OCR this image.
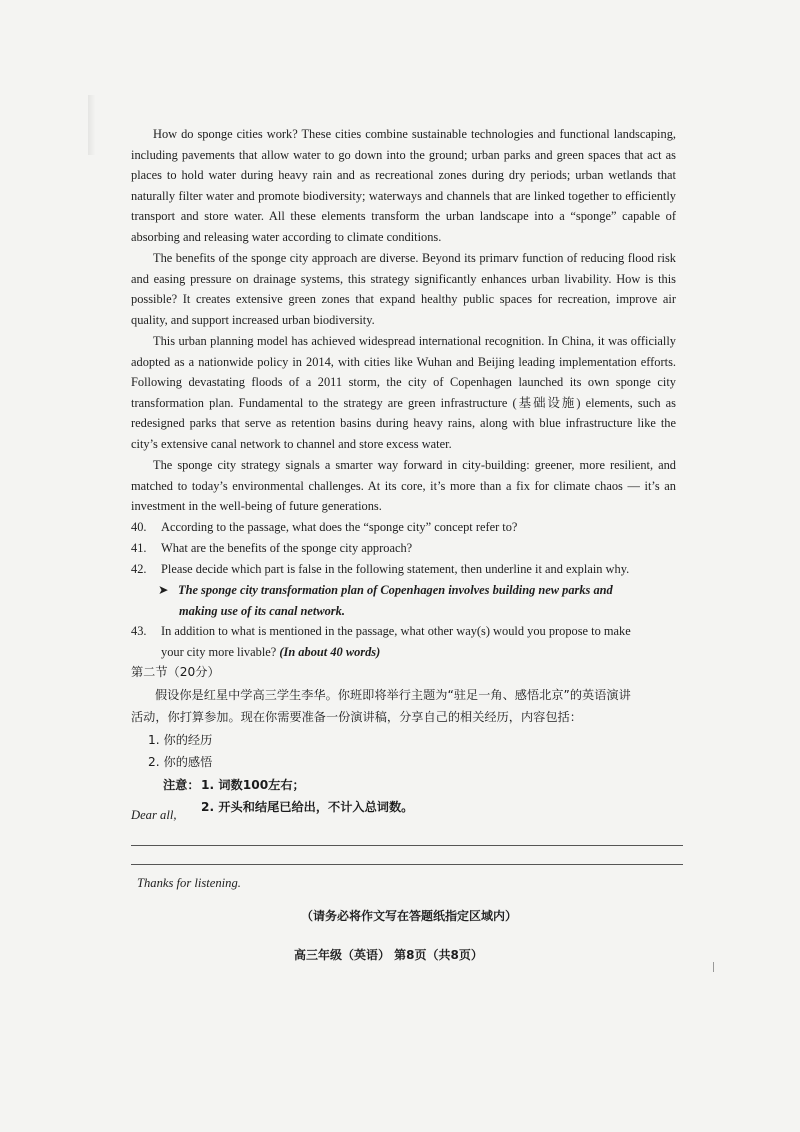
How do sponge cities work? These cities combine sustainable technologies and functional landscaping, including pavements that allow water to go down into the ground; urban parks and green spaces that act as places to hold water during heavy rain and as recreational zones during dry periods; urban wetlands that naturally filter water and promote biodiversity; waterways and channels that are linked together to efficiently transport and store water. All these elements transform the urban landscape into a “sponge” capable of absorbing and releasing water according to climate conditions.

The benefits of the sponge city approach are diverse. Beyond its primarv function of reducing flood risk and easing pressure on drainage systems, this strategy significantly enhances urban livability. How is this possible? It creates extensive green zones that expand healthy public spaces for recreation, improve air quality, and support increased urban biodiversity.

This urban planning model has achieved widespread international recognition. In China, it was officially adopted as a nationwide policy in 2014, with cities like Wuhan and Beijing leading implementation efforts. Following devastating floods of a 2011 storm, the city of Copenhagen launched its own sponge city transformation plan. Fundamental to the strategy are green infrastructure (基础设施) elements, such as redesigned parks that serve as retention basins during heavy rains, along with blue infrastructure like the city’s extensive canal network to channel and store excess water.

The sponge city strategy signals a smarter way forward in city-building: greener, more resilient, and matched to today’s environmental challenges. At its core, it’s more than a fix for climate chaos — it’s an investment in the well-being of future generations.

40. According to the passage, what does the “sponge city” concept refer to?
41. What are the benefits of the sponge city approach?
42. Please decide which part is false in the following statement, then underline it and explain why.
➤ The sponge city transformation plan of Copenhagen involves building new parks and
making use of its canal network.
43. In addition to what is mentioned in the passage, what other way(s) would you propose to make
your city more livable? (In about 40 words)
第二节（20分）
假设你是红星中学高三学生李华。你班即将举行主题为“驻足一角、感悟北京”的英语演讲
活动，你打算参加。现在你需要准备一份演讲稿，分享自己的相关经历，内容包括：
1. 你的经历
2. 你的感悟
注意： 1. 词数100左右；
2. 开头和结尾已给出，不计入总词数。
Dear all,
Thanks for listening.
（请务必将作文写在答题纸指定区域内）
高三年级（英语） 第8页（共8页）
